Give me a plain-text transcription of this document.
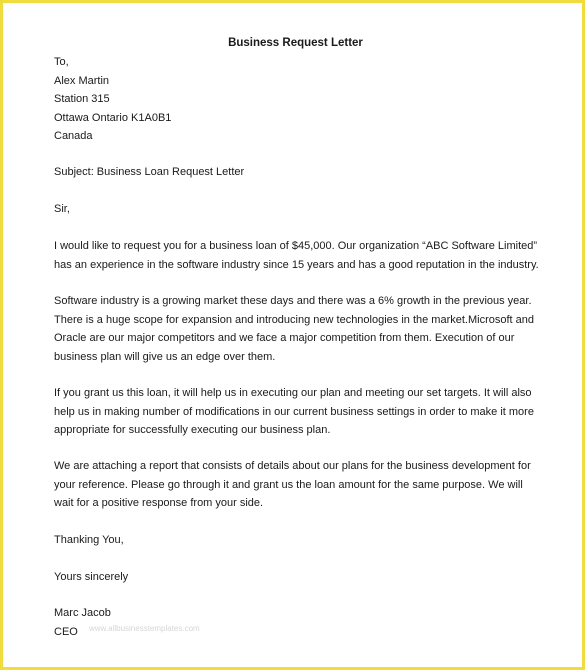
Business Request Letter
To,
Alex Martin
Station 315
Ottawa Ontario K1A0B1
Canada
Subject: Business Loan Request Letter
Sir,
I would like to request you for a business loan of $45,000. Our organization “ABC Software Limited”
has an experience in the software industry since 15 years and has a good reputation in the industry.
Software industry is a growing market these days and there was a 6% growth in the previous year.
There is a huge scope for expansion and introducing new technologies in the market.Microsoft and
Oracle are our major competitors and we face a major competition from them. Execution of our
business plan will give us an edge over them.
If you grant us this loan, it will help us in executing our plan and meeting our set targets. It will also
help us in making number of modifications in our current business settings in order to make it more
appropriate for successfully executing our business plan.
We are attaching a report that consists of details about our plans for the business development for
your reference. Please go through it and grant us the loan amount for the same purpose. We will
wait for a positive response from your side.
Thanking You,
Yours sincerely
Marc Jacob
CEO	www.allbusinesstemplates.com
